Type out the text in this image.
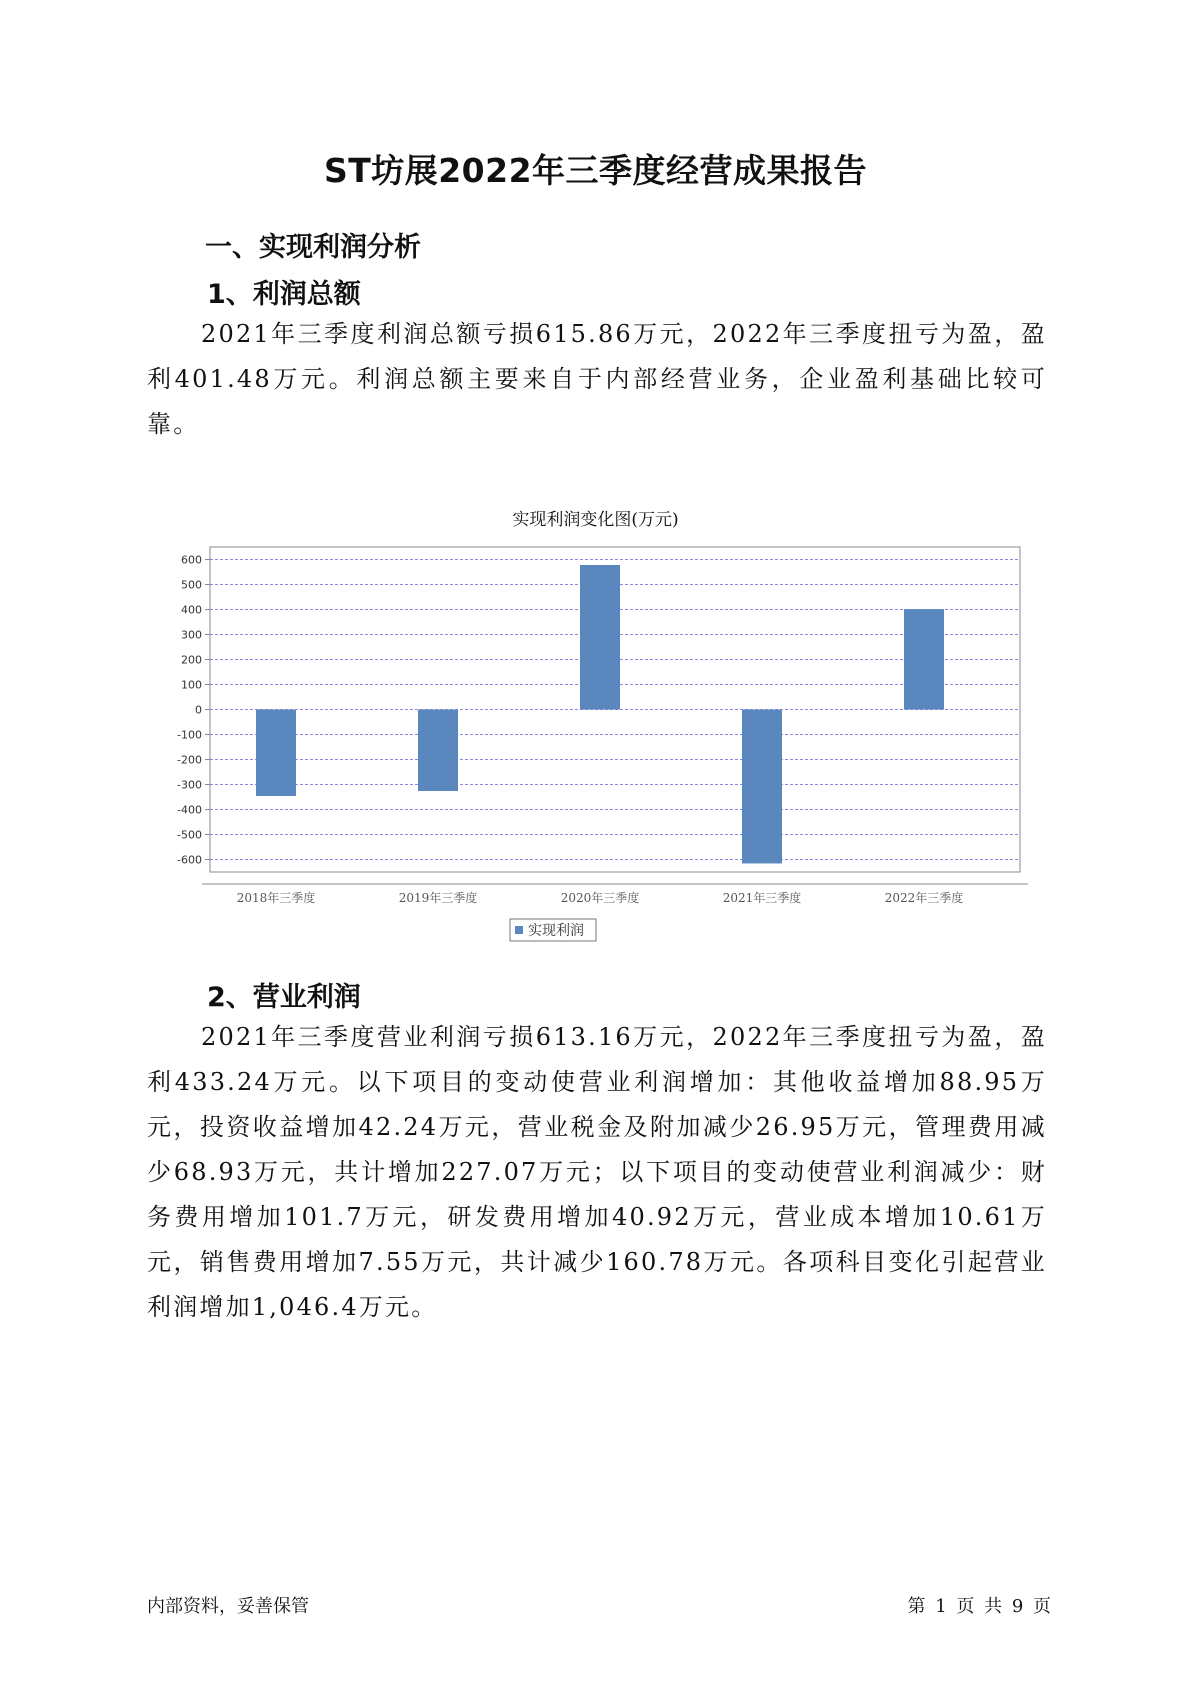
ST坊展2022年三季度经营成果报告
一、实现利润分析
1、利润总额

2021年三季度利润总额亏损615.86万元，2022年三季度扭亏为盈，盈利401.48万元。利润总额主要来自于内部经营业务，企业盈利基础比较可靠。

实现利润变化图(万元)
600
500
400
300
200
100
0
-100
-200
-300
-400
-500
-600
2018年三季度	2019年三季度	2020年三季度	2021年三季度	2022年三季度
实现利润
2、营业利润

2021年三季度营业利润亏损613.16万元，2022年三季度扭亏为盈，盈利433.24万元。以下项目的变动使营业利润增加：其他收益增加88.95万元，投资收益增加42.24万元，营业税金及附加减少26.95万元，管理费用减少68.93万元，共计增加227.07万元；以下项目的变动使营业利润减少：财务费用增加101.7万元，研发费用增加40.92万元，营业成本增加10.61万元，销售费用增加7.55万元，共计减少160.78万元。各项科目变化引起营业利润增加1,046.4万元。

内部资料，妥善保管	第 1 页 共 9 页
